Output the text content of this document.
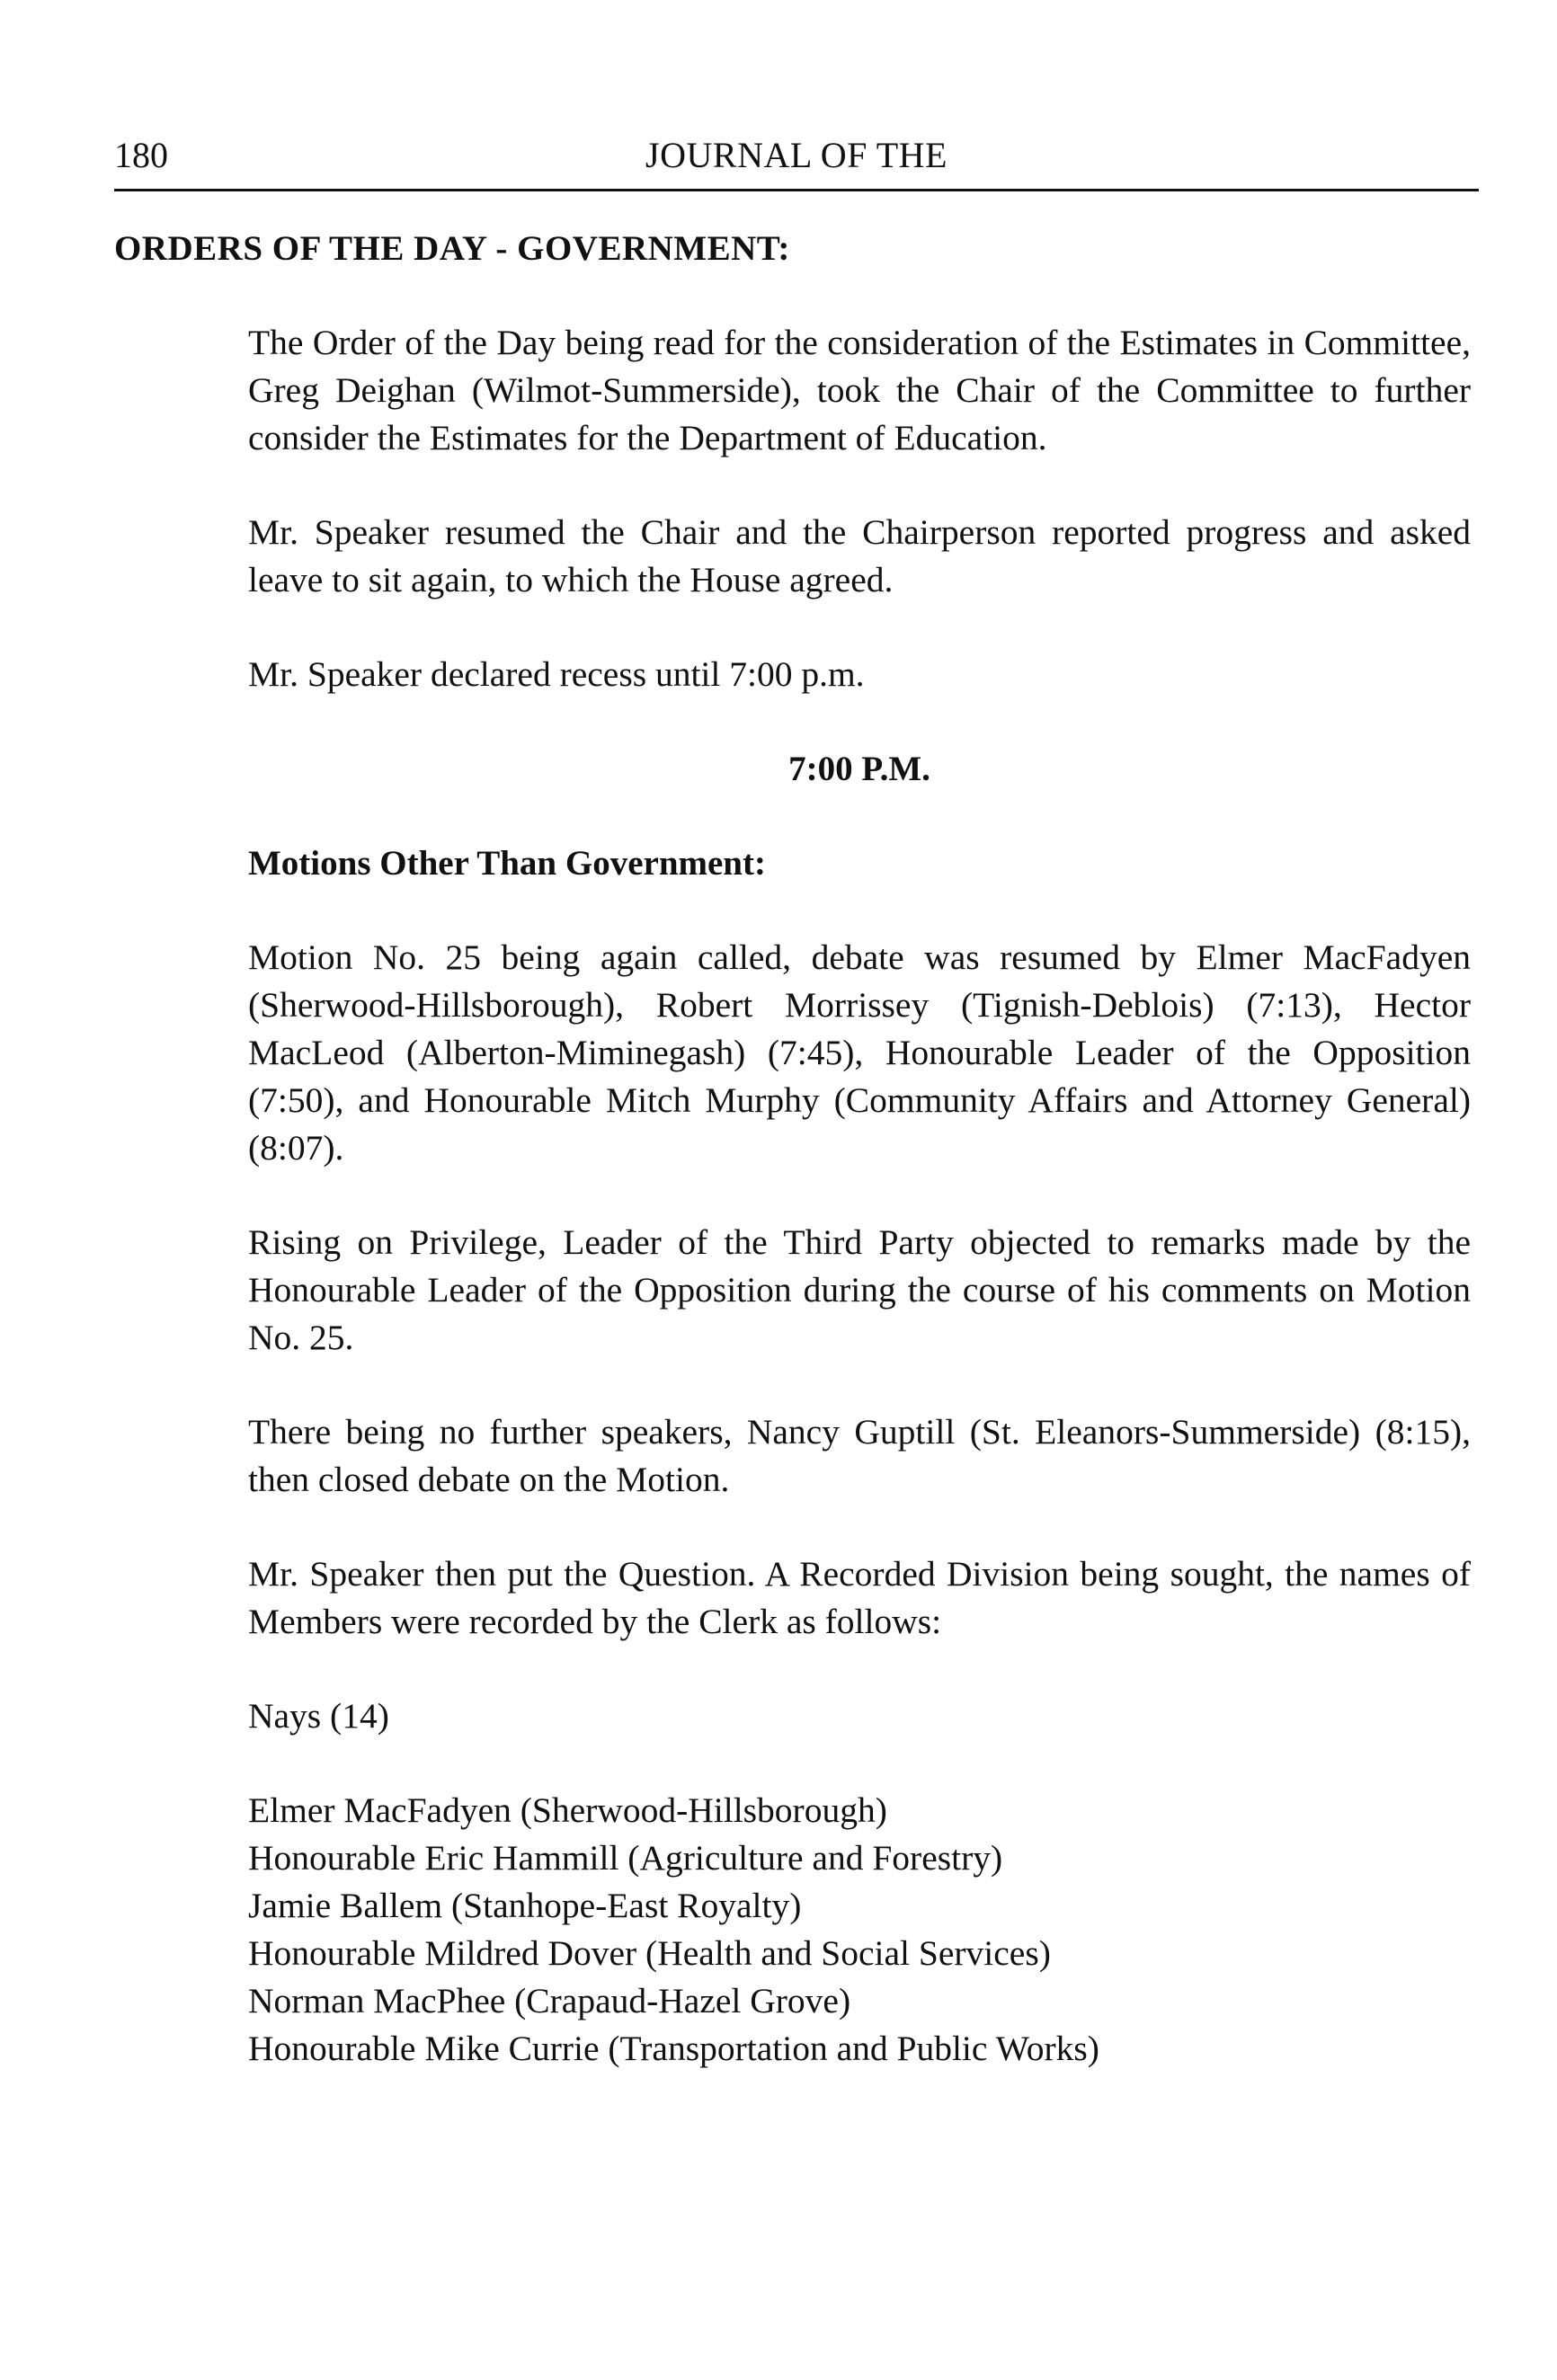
180	JOURNAL OF THE
ORDERS OF THE DAY - GOVERNMENT:

The Order of the Day being read for the consideration of the Estimates in Committee, Greg Deighan (Wilmot-Summerside), took the Chair of the Committee to further consider the Estimates for the Department of Education.

Mr. Speaker resumed the Chair and the Chairperson reported progress and asked leave to sit again, to which the House agreed.

Mr. Speaker declared recess until 7:00 p.m.

7:00 P.M.

Motions Other Than Government:

Motion No. 25 being again called, debate was resumed by Elmer MacFadyen (Sherwood-Hillsborough), Robert Morrissey (Tignish-Deblois) (7:13), Hector MacLeod (Alberton-Miminegash) (7:45), Honourable Leader of the Opposition (7:50), and Honourable Mitch Murphy (Community Affairs and Attorney General) (8:07).

Rising on Privilege, Leader of the Third Party objected to remarks made by the Honourable Leader of the Opposition during the course of his comments on Motion No. 25.

There being no further speakers, Nancy Guptill (St. Eleanors-Summerside) (8:15), then closed debate on the Motion.

Mr. Speaker then put the Question. A Recorded Division being sought, the names of Members were recorded by the Clerk as follows:

Nays (14)

Elmer MacFadyen (Sherwood-Hillsborough)
Honourable Eric Hammill (Agriculture and Forestry)
Jamie Ballem (Stanhope-East Royalty)
Honourable Mildred Dover (Health and Social Services)
Norman MacPhee (Crapaud-Hazel Grove)
Honourable Mike Currie (Transportation and Public Works)
